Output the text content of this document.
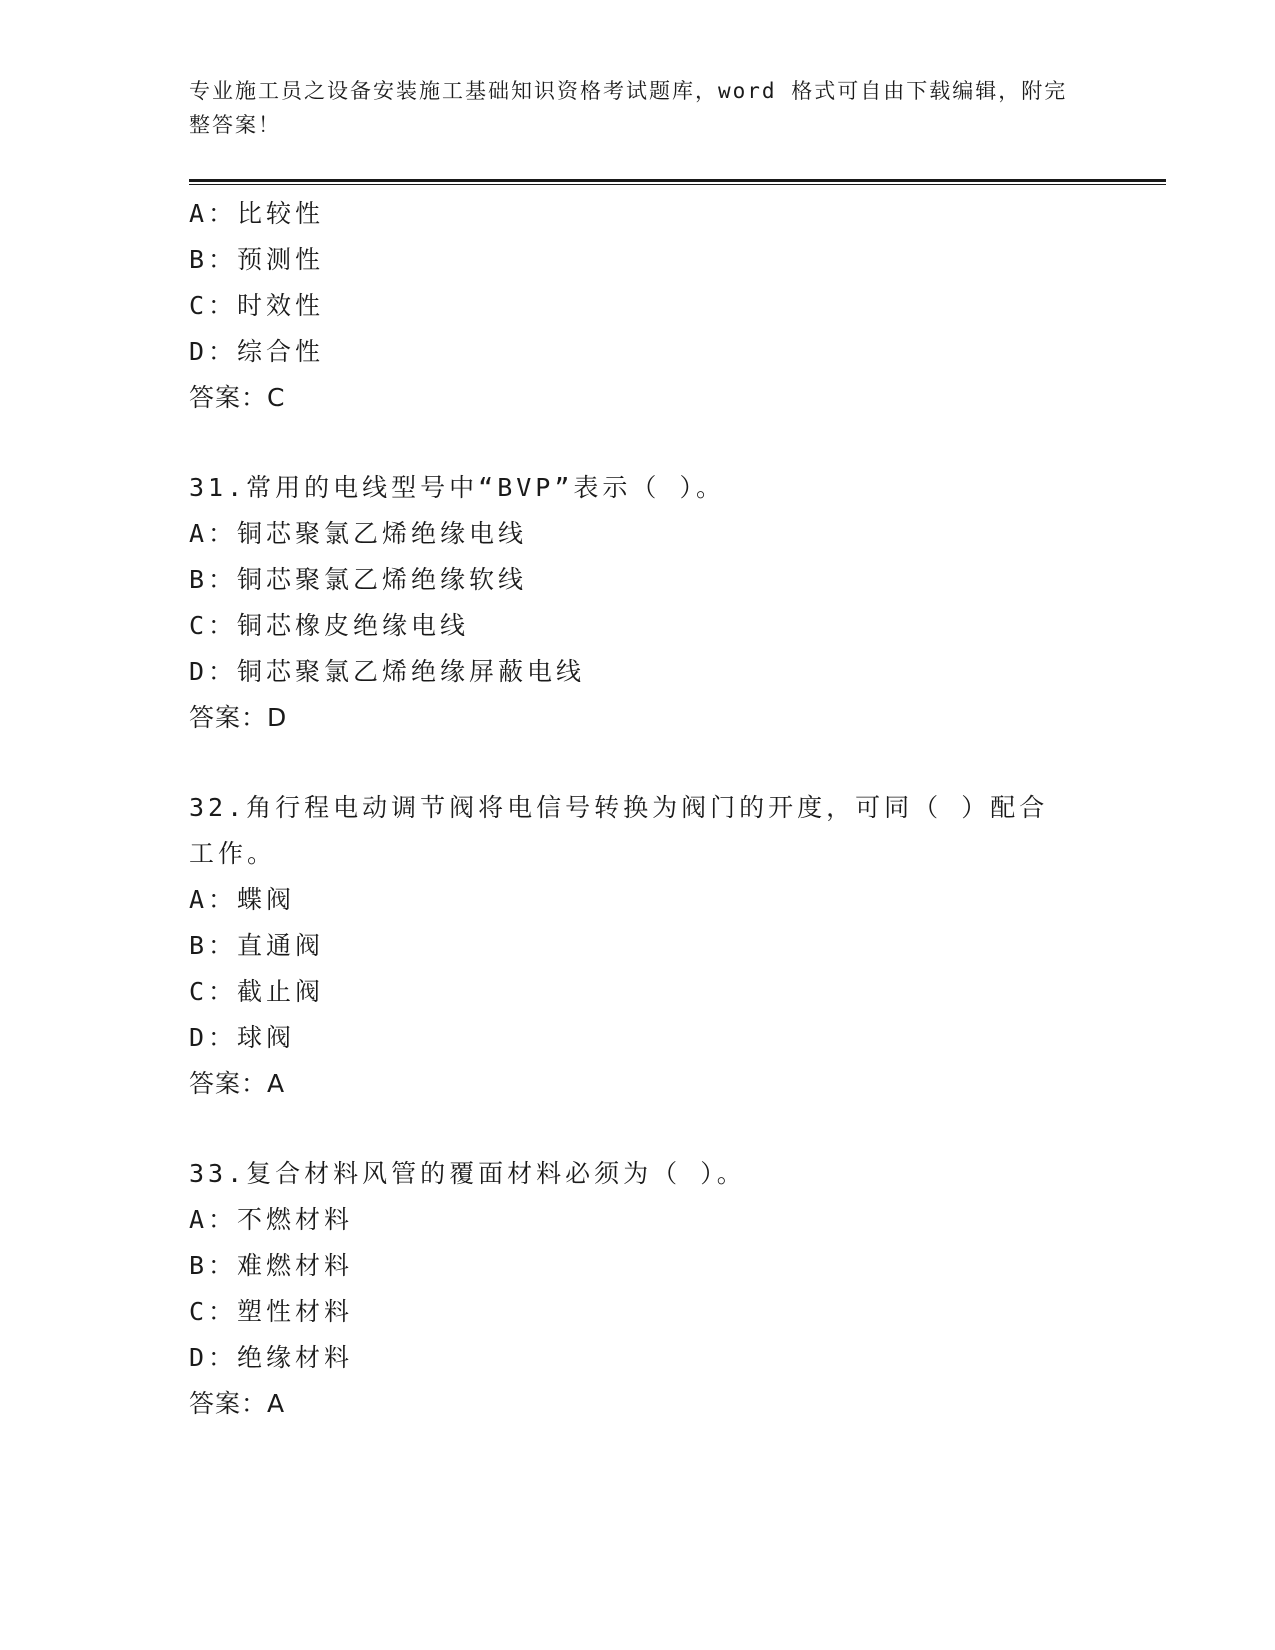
专业施工员之设备安装施工基础知识资格考试题库，word 格式可自由下载编辑，附完整答案！
A：比较性
B：预测性
C：时效性
D：综合性
答案：C
31.常用的电线型号中“BVP”表示（ ）。
A：铜芯聚氯乙烯绝缘电线
B：铜芯聚氯乙烯绝缘软线
C：铜芯橡皮绝缘电线
D：铜芯聚氯乙烯绝缘屏蔽电线
答案：D
32.角行程电动调节阀将电信号转换为阀门的开度，可同（ ）配合工作。
A：蝶阀
B：直通阀
C：截止阀
D：球阀
答案：A
33.复合材料风管的覆面材料必须为（ ）。
A：不燃材料
B：难燃材料
C：塑性材料
D：绝缘材料
答案：A
